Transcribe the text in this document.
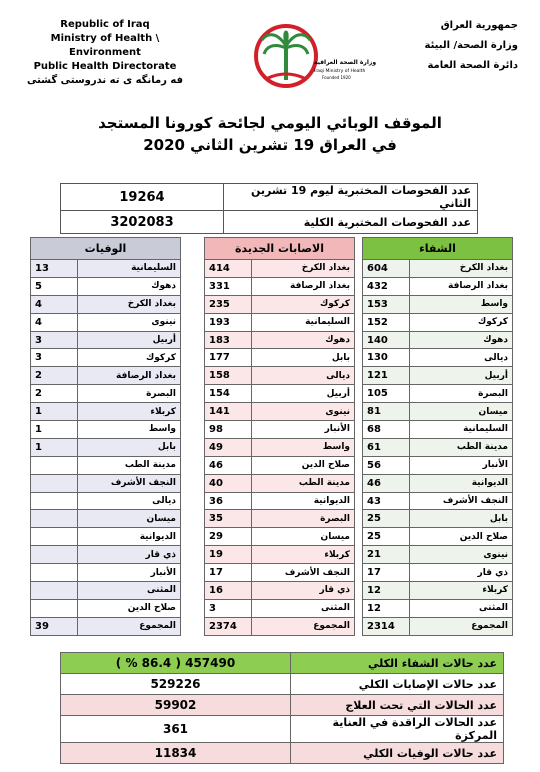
Republic of Iraq
Ministry of Health \ Environment
Public Health Directorate
فه رمانگه ی ته ندروستی گشتی
جمهورية العراق
وزارة الصحة/ البيئة
دائرة الصحة العامة
وزارة الصحة العراقية
Iraqi Ministry of Health
Founded 1920
الموقف الوبائي اليومي لجائحة كورونا المستجد
في العراق 19 تشرين الثاني 2020
عدد الفحوصات المختبرية ليوم 19 تشرين الثاني	19264
عدد الفحوصات المختبرية الكلية	3202083
الشفاء	
بغداد الكرخ	604
بغداد الرصافة	432
واسط	153
كركوك	152
دهوك	140
ديالى	130
أربيل	121
البصرة	105
ميسان	81
السليمانية	68
مدينة الطب	61
الأنبار	56
الديوانية	46
النجف الأشرف	43
بابل	25
صلاح الدين	25
نينوى	21
ذي قار	17
كربلاء	12
المثنى	12
المجموع	2314
الاصابات الجديدة	
بغداد الكرخ	414
بغداد الرصافة	331
كركوك	235
السليمانية	193
دهوك	183
بابل	177
ديالى	158
أربيل	154
نينوى	141
الأنبار	98
واسط	49
صلاح الدين	46
مدينة الطب	40
الديوانية	36
البصرة	35
ميسان	29
كربلاء	19
النجف الأشرف	17
ذي قار	16
المثنى	3
المجموع	2374
الوفيات	
السليمانية	13
دهوك	5
بغداد الكرخ	4
نينوى	4
أربيل	3
كركوك	3
بغداد الرصافة	2
البصرة	2
كربلاء	1
واسط	1
بابل	1
مدينة الطب	
النجف الأشرف	
ديالى	
ميسان	
الديوانية	
ذي قار	
الأنبار	
المثنى	
صلاح الدين	
المجموع	39
عدد حالات الشفاء الكلي	457490 ( 86.4 % )
عدد حالات الإصابات الكلي	529226
عدد الحالات التي تحت العلاج	59902
عدد الحالات الراقدة في العناية المركزة	361
عدد حالات الوفيات الكلي	11834
